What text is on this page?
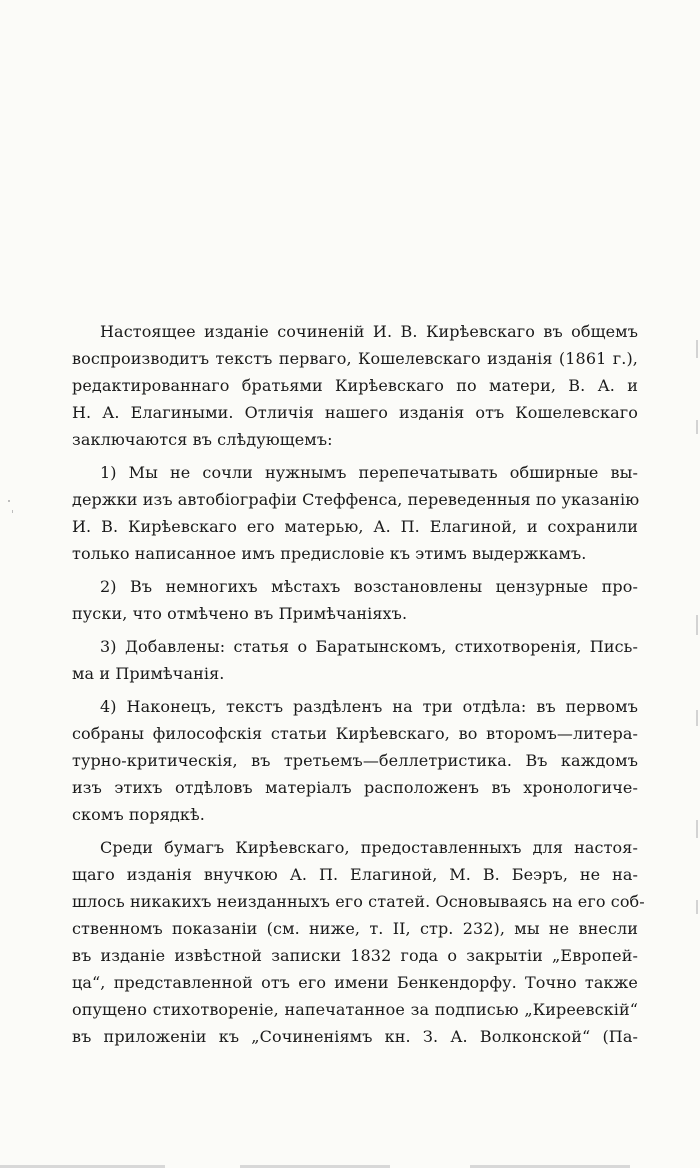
Настоящее изданіе сочиненій И. В. Кирѣевскаго въ общемъ
воспроизводитъ текстъ перваго, Кошелевскаго изданія (1861 г.),
редактированнаго братьями Кирѣевскаго по матери, В. А. и
Н. А. Елагиными. Отличія нашего изданія отъ Кошелевскаго
заключаются въ слѣдующемъ:
1) Мы не сочли нужнымъ перепечатывать обширные вы-
держки изъ автобіографіи Стеффенса, переведенныя по указанію
И. В. Кирѣевскаго его матерью, А. П. Елагиной, и сохранили
только написанное имъ предисловіе къ этимъ выдержкамъ.
2) Въ немногихъ мѣстахъ возстановлены цензурные про-
пуски, что отмѣчено въ Примѣчаніяхъ.
3) Добавлены: статья о Баратынскомъ, стихотворенія, Пись-
ма и Примѣчанія.
4) Наконецъ, текстъ раздѣленъ на три отдѣла: въ первомъ
собраны философскія статьи Кирѣевскаго, во второмъ—литера-
турно-критическія, въ третьемъ—беллетристика. Въ каждомъ
изъ этихъ отдѣловъ матеріалъ расположенъ въ хронологиче-
скомъ порядкѣ.
Среди бумагъ Кирѣевскаго, предоставленныхъ для настоя-
щаго изданія внучкою А. П. Елагиной, М. В. Беэръ, не на-
шлось никакихъ неизданныхъ его статей. Основываясь на его соб-
ственномъ показаніи (см. ниже, т. II, стр. 232), мы не внесли
въ изданіе извѣстной записки 1832 года о закрытіи „Европей-
ца“, представленной отъ его имени Бенкендорфу. Точно также
опущено стихотвореніе, напечатанное за подписью „Киреевскій“
въ приложеніи къ „Сочиненіямъ кн. З. А. Волконской“ (Па-
